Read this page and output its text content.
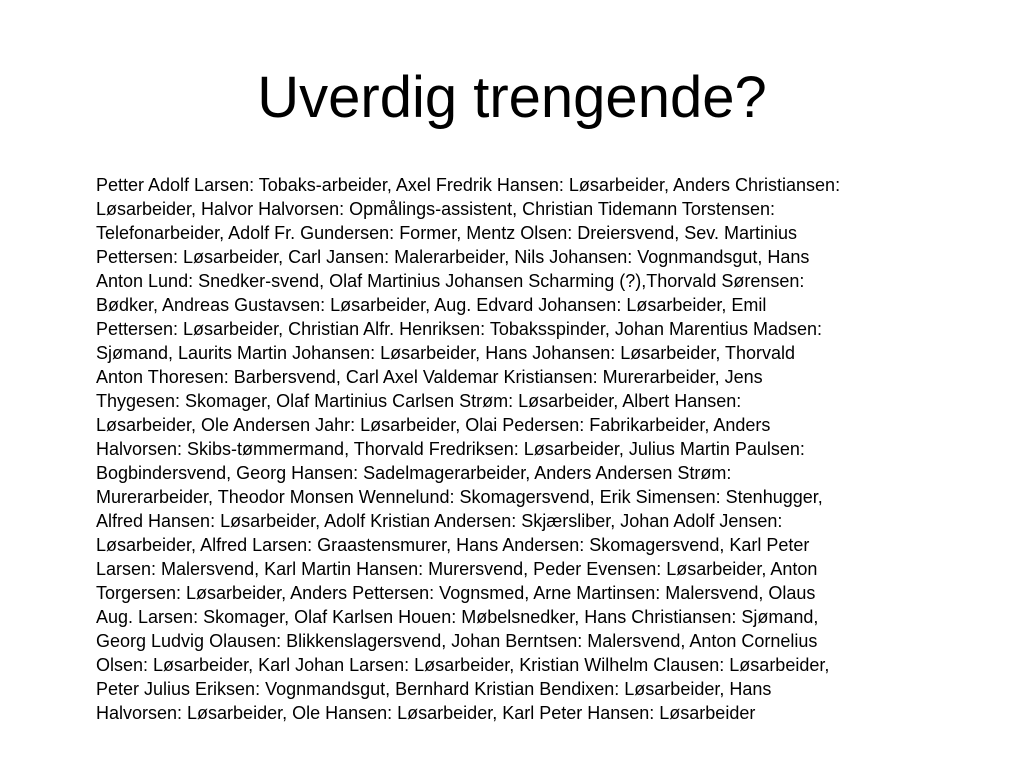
Uverdig trengende?

Petter Adolf Larsen: Tobaks-arbeider, Axel Fredrik Hansen: Løsarbeider, Anders Christiansen:
Løsarbeider, Halvor Halvorsen: Opmålings-assistent, Christian Tidemann Torstensen:
Telefonarbeider, Adolf Fr. Gundersen: Former, Mentz Olsen: Dreiersvend, Sev. Martinius
Pettersen: Løsarbeider, Carl Jansen: Malerarbeider, Nils Johansen: Vognmandsgut, Hans
Anton Lund: Snedker-svend, Olaf Martinius Johansen Scharming (?),Thorvald Sørensen:
Bødker, Andreas Gustavsen: Løsarbeider, Aug. Edvard Johansen: Løsarbeider, Emil
Pettersen: Løsarbeider, Christian Alfr. Henriksen: Tobaksspinder, Johan Marentius Madsen:
Sjømand, Laurits Martin Johansen: Løsarbeider, Hans Johansen: Løsarbeider, Thorvald
Anton Thoresen: Barbersvend, Carl Axel Valdemar Kristiansen: Murerarbeider, Jens
Thygesen: Skomager, Olaf Martinius Carlsen Strøm: Løsarbeider, Albert Hansen:
Løsarbeider, Ole Andersen Jahr: Løsarbeider, Olai Pedersen: Fabrikarbeider, Anders
Halvorsen: Skibs-tømmermand, Thorvald Fredriksen: Løsarbeider, Julius Martin Paulsen:
Bogbindersvend, Georg Hansen: Sadelmagerarbeider, Anders Andersen Strøm:
Murerarbeider, Theodor Monsen Wennelund: Skomagersvend, Erik Simensen: Stenhugger,
Alfred Hansen: Løsarbeider, Adolf Kristian Andersen: Skjærsliber, Johan Adolf Jensen:
Løsarbeider, Alfred Larsen: Graastensmurer, Hans Andersen: Skomagersvend, Karl Peter
Larsen: Malersvend, Karl Martin Hansen: Murersvend, Peder Evensen: Løsarbeider, Anton
Torgersen: Løsarbeider, Anders Pettersen: Vognsmed, Arne Martinsen: Malersvend, Olaus
Aug. Larsen: Skomager, Olaf Karlsen Houen: Møbelsnedker, Hans Christiansen: Sjømand,
Georg Ludvig Olausen: Blikkenslagersvend, Johan Berntsen: Malersvend, Anton Cornelius
Olsen: Løsarbeider, Karl Johan Larsen: Løsarbeider, Kristian Wilhelm Clausen: Løsarbeider,
Peter Julius Eriksen: Vognmandsgut, Bernhard Kristian Bendixen: Løsarbeider, Hans
Halvorsen: Løsarbeider, Ole Hansen: Løsarbeider, Karl Peter Hansen: Løsarbeider
